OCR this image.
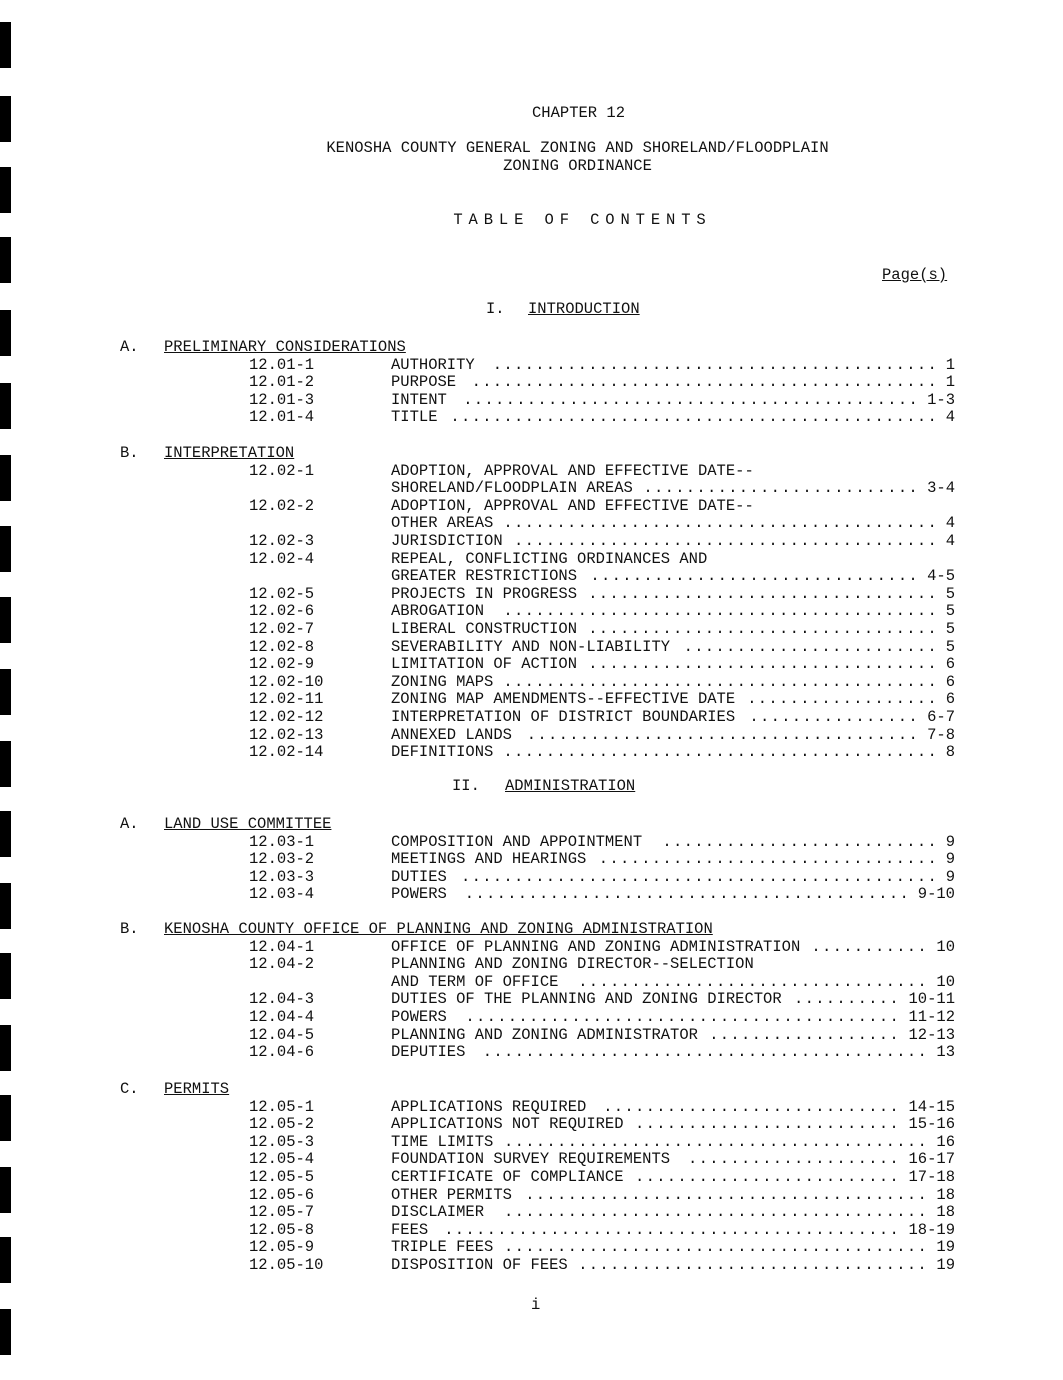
CHAPTER 12
KENOSHA COUNTY GENERAL ZONING AND SHORELAND/FLOODPLAIN
ZONING ORDINANCE
TABLE OF CONTENTS
Page(s)
I. INTRODUCTION
A. PRELIMINARY CONSIDERATIONS
12.01-1	AUTHORITY	1
..........................................
12.01-2	PURPOSE	1
............................................
12.01-3	INTENT	1-3
...........................................
12.01-4	TITLE	4
..............................................
B. INTERPRETATION
12.02-1	ADOPTION, APPROVAL AND EFFECTIVE DATE--
SHORELAND/FLOODPLAIN AREAS	3-4
..........................
12.02-2	ADOPTION, APPROVAL AND EFFECTIVE DATE--
OTHER AREAS	4
.........................................
12.02-3	JURISDICTION	4
........................................
12.02-4	REPEAL, CONFLICTING ORDINANCES AND
GREATER RESTRICTIONS	4-5
...............................
12.02-5	PROJECTS IN PROGRESS	5
.................................
12.02-6	ABROGATION	5
.........................................
12.02-7	LIBERAL CONSTRUCTION	5
.................................
12.02-8	SEVERABILITY AND NON-LIABILITY	5
........................
12.02-9	LIMITATION OF ACTION	6
.................................
12.02-10	ZONING MAPS	6
.........................................
12.02-11	ZONING MAP AMENDMENTS--EFFECTIVE DATE	6
..................
12.02-12	INTERPRETATION OF DISTRICT BOUNDARIES	6-7
................
12.02-13	ANNEXED LANDS	7-8
.....................................
12.02-14	DEFINITIONS	8
.........................................
II. ADMINISTRATION
A. LAND USE COMMITTEE
12.03-1	COMPOSITION AND APPOINTMENT	9
..........................
12.03-2	MEETINGS AND HEARINGS	9
................................
12.03-3	DUTIES	9
.............................................
12.03-4	POWERS	9-10
..........................................
B. KENOSHA COUNTY OFFICE OF PLANNING AND ZONING ADMINISTRATION
12.04-1	OFFICE OF PLANNING AND ZONING ADMINISTRATION	10
...........
12.04-2	PLANNING AND ZONING DIRECTOR--SELECTION
AND TERM OF OFFICE	10
.................................
12.04-3	DUTIES OF THE PLANNING AND ZONING DIRECTOR	10-11
..........
12.04-4	POWERS	11-12
.........................................
12.04-5	PLANNING AND ZONING ADMINISTRATOR	12-13
..................
12.04-6	DEPUTIES	13
..........................................
C. PERMITS
12.05-1	APPLICATIONS REQUIRED	14-15
............................
12.05-2	APPLICATIONS NOT REQUIRED	15-16
.........................
12.05-3	TIME LIMITS	16
........................................
12.05-4	FOUNDATION SURVEY REQUIREMENTS	16-17
....................
12.05-5	CERTIFICATE OF COMPLIANCE	17-18
.........................
12.05-6	OTHER PERMITS	18
......................................
12.05-7	DISCLAIMER	18
........................................
12.05-8	FEES	18-19
...........................................
12.05-9	TRIPLE FEES	19
........................................
12.05-10	DISPOSITION OF FEES	19
.................................
i
